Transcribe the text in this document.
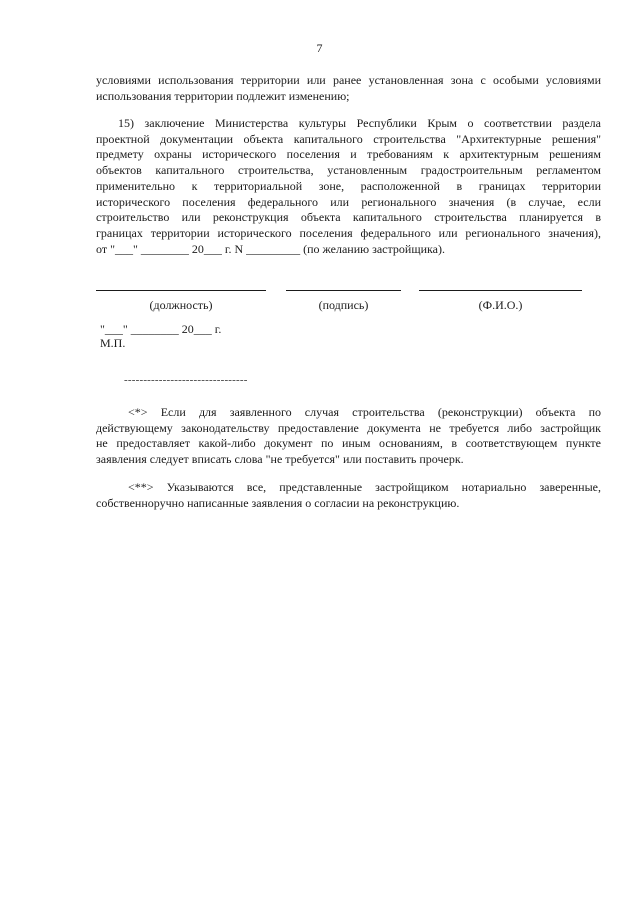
7

условиями использования территории или ранее установленная зона с особыми условиями
использования территории подлежит изменению;

15) заключение Министерства культуры Республики Крым о соответствии раздела
проектной документации объекта капитального строительства "Архитектурные решения"
предмету охраны исторического поселения и требованиям к архитектурным решениям
объектов капитального строительства, установленным градостроительным регламентом
применительно к территориальной зоне, расположенной в границах территории
исторического поселения федерального или регионального значения (в случае, если
строительство или реконструкция объекта капитального строительства планируется в
границах территории исторического поселения федерального или регионального значения),
от "___" ________ 20___ г. N _________ (по желанию застройщика).

(должность)	(подпись)	(Ф.И.О.)
"___" ________ 20___ г.
М.П.
--------------------------------

<*> Если для заявленного случая строительства (реконструкции) объекта по
действующему законодательству предоставление документа не требуется либо застройщик
не предоставляет какой-либо документ по иным основаниям, в соответствующем пункте
заявления следует вписать слова "не требуется" или поставить прочерк.

<**> Указываются все, представленные застройщиком нотариально заверенные,
собственноручно написанные заявления о согласии на реконструкцию.
